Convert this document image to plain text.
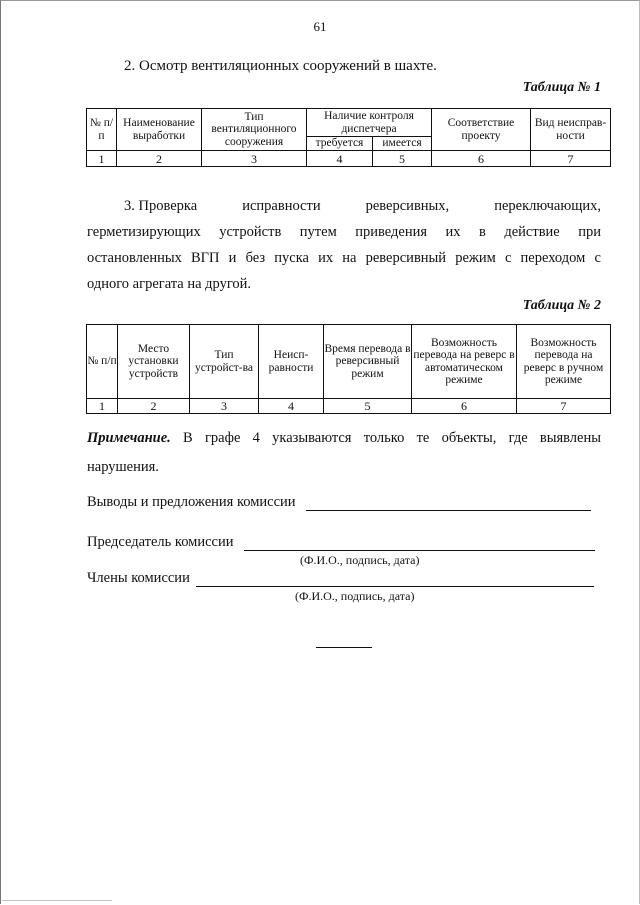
61
2. Осмотр вентиляционных сооружений в шахте.
Таблица № 1
№ п/п	Наименование выработки	Тип вентиляционного сооружения	Наличие контроля диспетчера		Соответствие проекту	Вид неисправ-ности
			требуется	имеется		
1	2	3	4	5	6	7
3. Проверка	исправности	реверсивных,	переключающих,
герметизирующих устройств путем приведения их в действие при
остановленных ВГП и без пуска их на реверсивный режим с переходом с
одного агрегата на другой.
Таблица № 2
№ п/п	Место установки устройств	Тип устройст-ва	Неисп-равности	Время перевода в реверсивный режим	Возможность перевода на реверс в автоматическом режиме	Возможность перевода на реверс в ручном режиме
1	2	3	4	5	6	7
Примечание. В графе 4 указываются только те объекты, где выявлены
нарушения.
Выводы и предложения комиссии
Председатель комиссии
(Ф.И.О., подпись, дата)
Члены комиссии
(Ф.И.О., подпись, дата)
